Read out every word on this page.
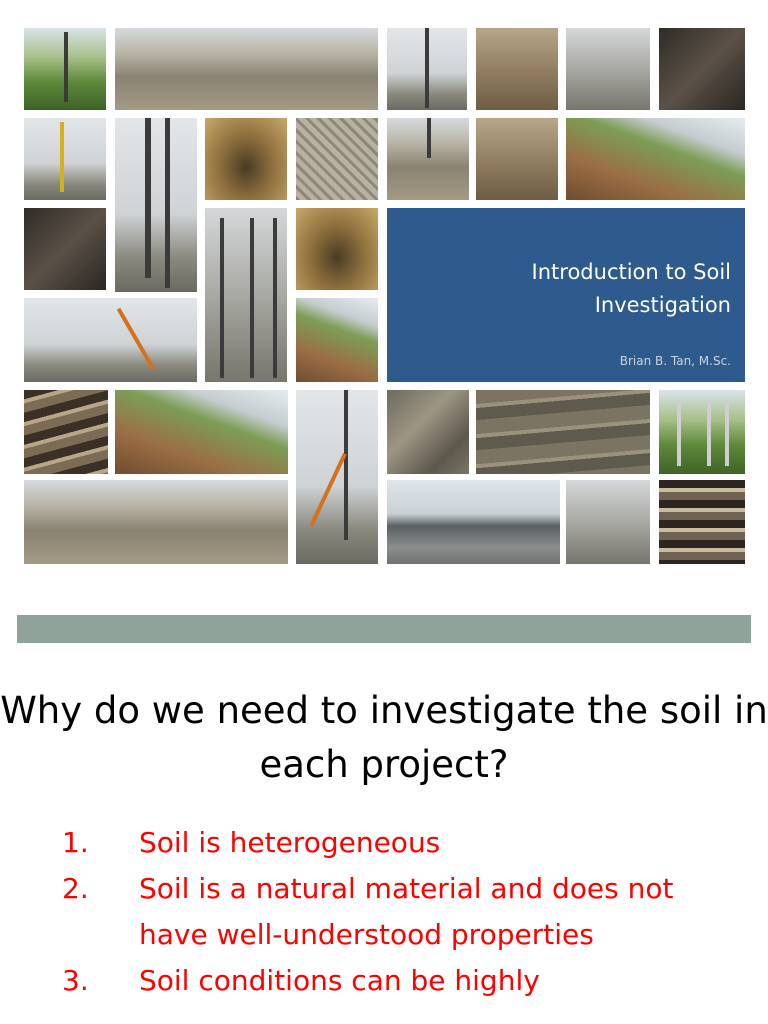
Introduction to Soil Investigation
Brian B. Tan, M.Sc.
Why do we need to investigate the soil in each project?
1. Soil is heterogeneous
2. Soil is a natural material and does not have well-understood properties
3. Soil conditions can be highly
